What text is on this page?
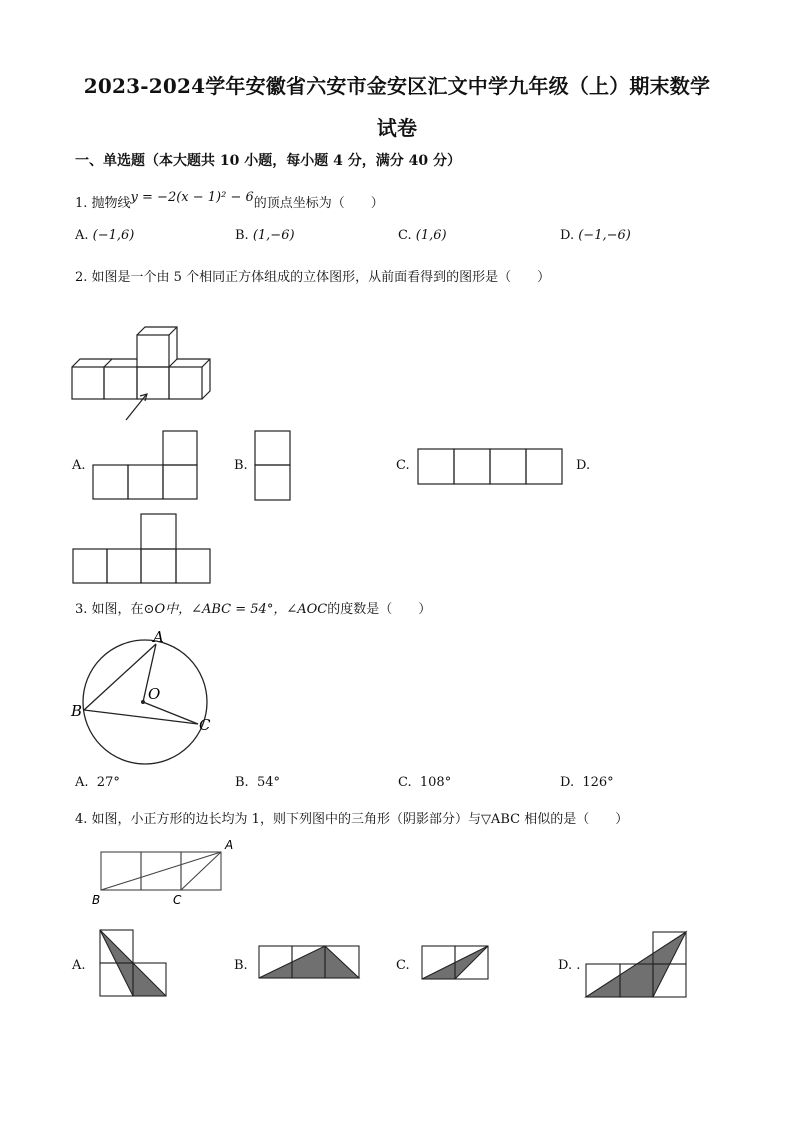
2023-2024学年安徽省六安市金安区汇文中学九年级（上）期末数学
试卷
一、单选题（本大题共 10 小题，每小题 4 分，满分 40 分）
1. 抛物线y = −2(x − 1)² − 6的顶点坐标为（　　）
A. (−1,6)	B. (1,−6)	C. (1,6)	D. (−1,−6)
2. 如图是一个由 5 个相同正方体组成的立体图形，从前面看得到的图形是（　　）
A.	B.	C.	D.
3. 如图，在⊙O中，∠ABC = 54°，∠AOC的度数是（　　）
A
B
C
O
A. 27°	B. 54°	C. 108°	D. 126°
4. 如图，小正方形的边长均为 1，则下列图中的三角形（阴影部分）与▽ABC 相似的是（　　）
A
B	C
A.	B.	C.	D. .
